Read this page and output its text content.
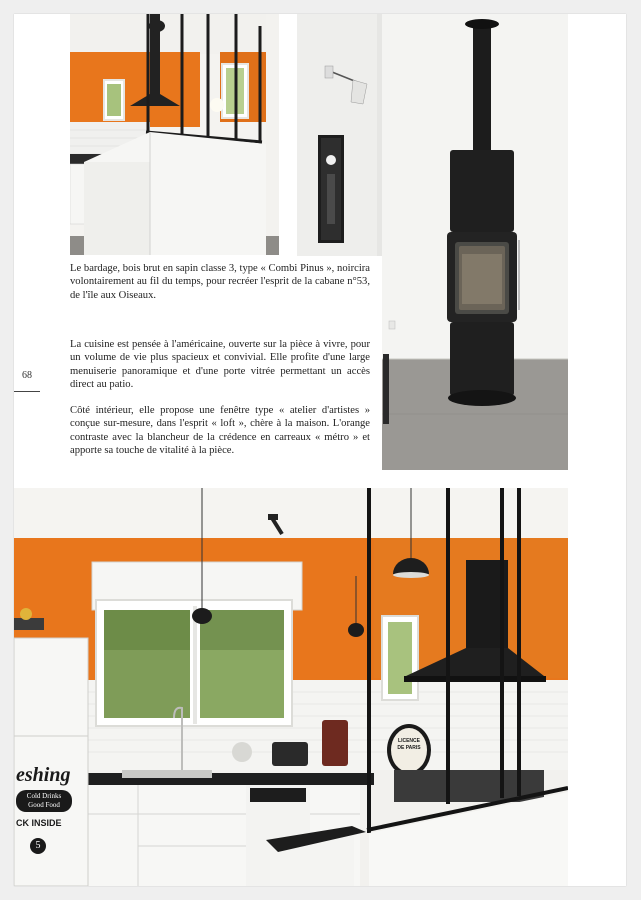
68

Le bardage, bois brut en sapin classe 3, type « Combi Pinus », noircira volontairement au fil du temps, pour recréer l'esprit de la cabane n°53, de l'île aux Oiseaux.

La cuisine est pensée à l'américaine, ouverte sur la pièce à vivre, pour un volume de vie plus spacieux et convivial. Elle profite d'une large menuiserie panoramique et d'une porte vitrée permettant un accès direct au patio.

Côté intérieur, elle propose une fenêtre type « atelier d'artistes » conçue sur-mesure, dans l'esprit « loft », chère à la maison. L'orange contraste avec la blancheur de la crédence en carreaux « métro » et apporte sa touche de vitalité à la pièce.

eshing
Cold Drinks
Good Food
CK INSIDE
5
LICENCE
DE PARIS
